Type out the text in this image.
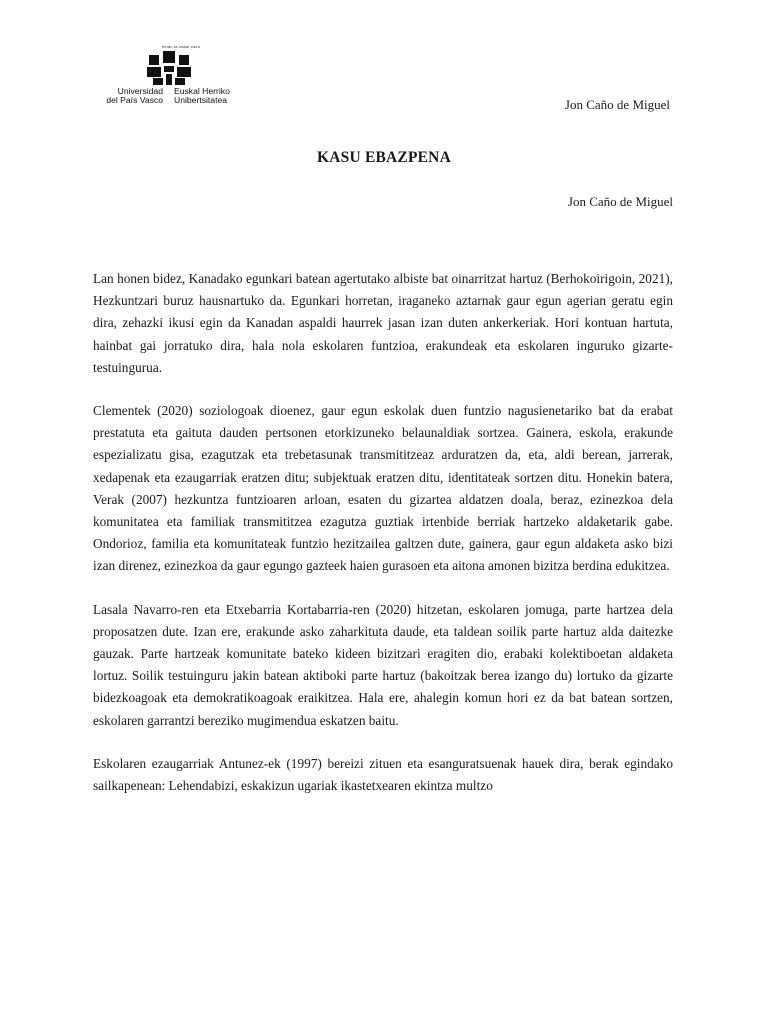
eman ta zabal zazu
Universidad
del País Vasco
Euskal Herriko
Unibertsitatea	Jon Caño de Miguel
KASU EBAZPENA
Jon Caño de Miguel

Lan honen bidez, Kanadako egunkari batean agertutako albiste bat oinarritzat hartuz (Berhokoirigoin, 2021), Hezkuntzari buruz hausnartuko da. Egunkari horretan, iraganeko aztarnak gaur egun agerian geratu egin dira, zehazki ikusi egin da Kanadan aspaldi haurrek jasan izan duten ankerkeriak. Hori kontuan hartuta, hainbat gai jorratuko dira, hala nola eskolaren funtzioa, erakundeak eta eskolaren inguruko gizarte-testuingurua.

Clementek (2020) soziologoak dioenez, gaur egun eskolak duen funtzio nagusienetariko bat da erabat prestatuta eta gaituta dauden pertsonen etorkizuneko belaunaldiak sortzea. Gainera, eskola, erakunde espezializatu gisa, ezagutzak eta trebetasunak transmititzeaz arduratzen da, eta, aldi berean, jarrerak, xedapenak eta ezaugarriak eratzen ditu; subjektuak eratzen ditu, identitateak sortzen ditu. Honekin batera, Verak (2007) hezkuntza funtzioaren arloan, esaten du gizartea aldatzen doala, beraz, ezinezkoa dela komunitatea eta familiak transmititzea ezagutza guztiak irtenbide berriak hartzeko aldaketarik gabe. Ondorioz, familia eta komunitateak funtzio hezitzailea galtzen dute, gainera, gaur egun aldaketa asko bizi izan direnez, ezinezkoa da gaur egungo gazteek haien gurasoen eta aitona amonen bizitza berdina edukitzea.

Lasala Navarro-ren eta Etxebarria Kortabarria-ren (2020) hitzetan, eskolaren jomuga, parte hartzea dela proposatzen dute. Izan ere, erakunde asko zaharkituta daude, eta taldean soilik parte hartuz alda daitezke gauzak. Parte hartzeak komunitate bateko kideen bizitzari eragiten dio, erabaki kolektiboetan aldaketa lortuz. Soilik testuinguru jakin batean aktiboki parte hartuz (bakoitzak berea izango du) lortuko da gizarte bidezkoagoak eta demokratikoagoak eraikitzea. Hala ere, ahalegin komun hori ez da bat batean sortzen, eskolaren garrantzi bereziko mugimendua eskatzen baitu.

Eskolaren ezaugarriak Antunez-ek (1997) bereizi zituen eta esanguratsuenak hauek dira, berak egindako sailkapenean: Lehendabizi, eskakizun ugariak ikastetxearen ekintza multzo
